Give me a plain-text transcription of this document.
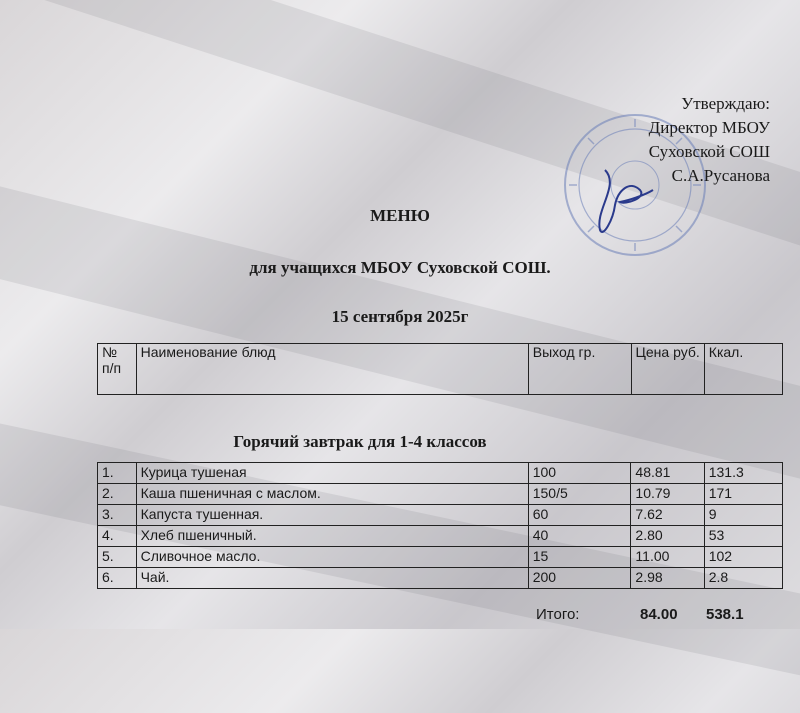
Утверждаю:
Директор МБОУ
Суховской СОШ
С.А.Русанова
МЕНЮ
для учащихся МБОУ Суховской СОШ.
15 сентября 2025г
№ п/п	Наименование блюд	Выход гр.	Цена руб.	Ккал.
Горячий завтрак для 1-4 классов
1.	Курица тушеная	100	48.81	131.3
2.	Каша пшеничная с маслом.	150/5	10.79	171
3.	Капуста тушенная.	60	7.62	9
4.	Хлеб пшеничный.	40	2.80	53
5.	Сливочное масло.	15	11.00	102
6.	Чай.	200	2.98	2.8
Итого:	84.00 538.1
